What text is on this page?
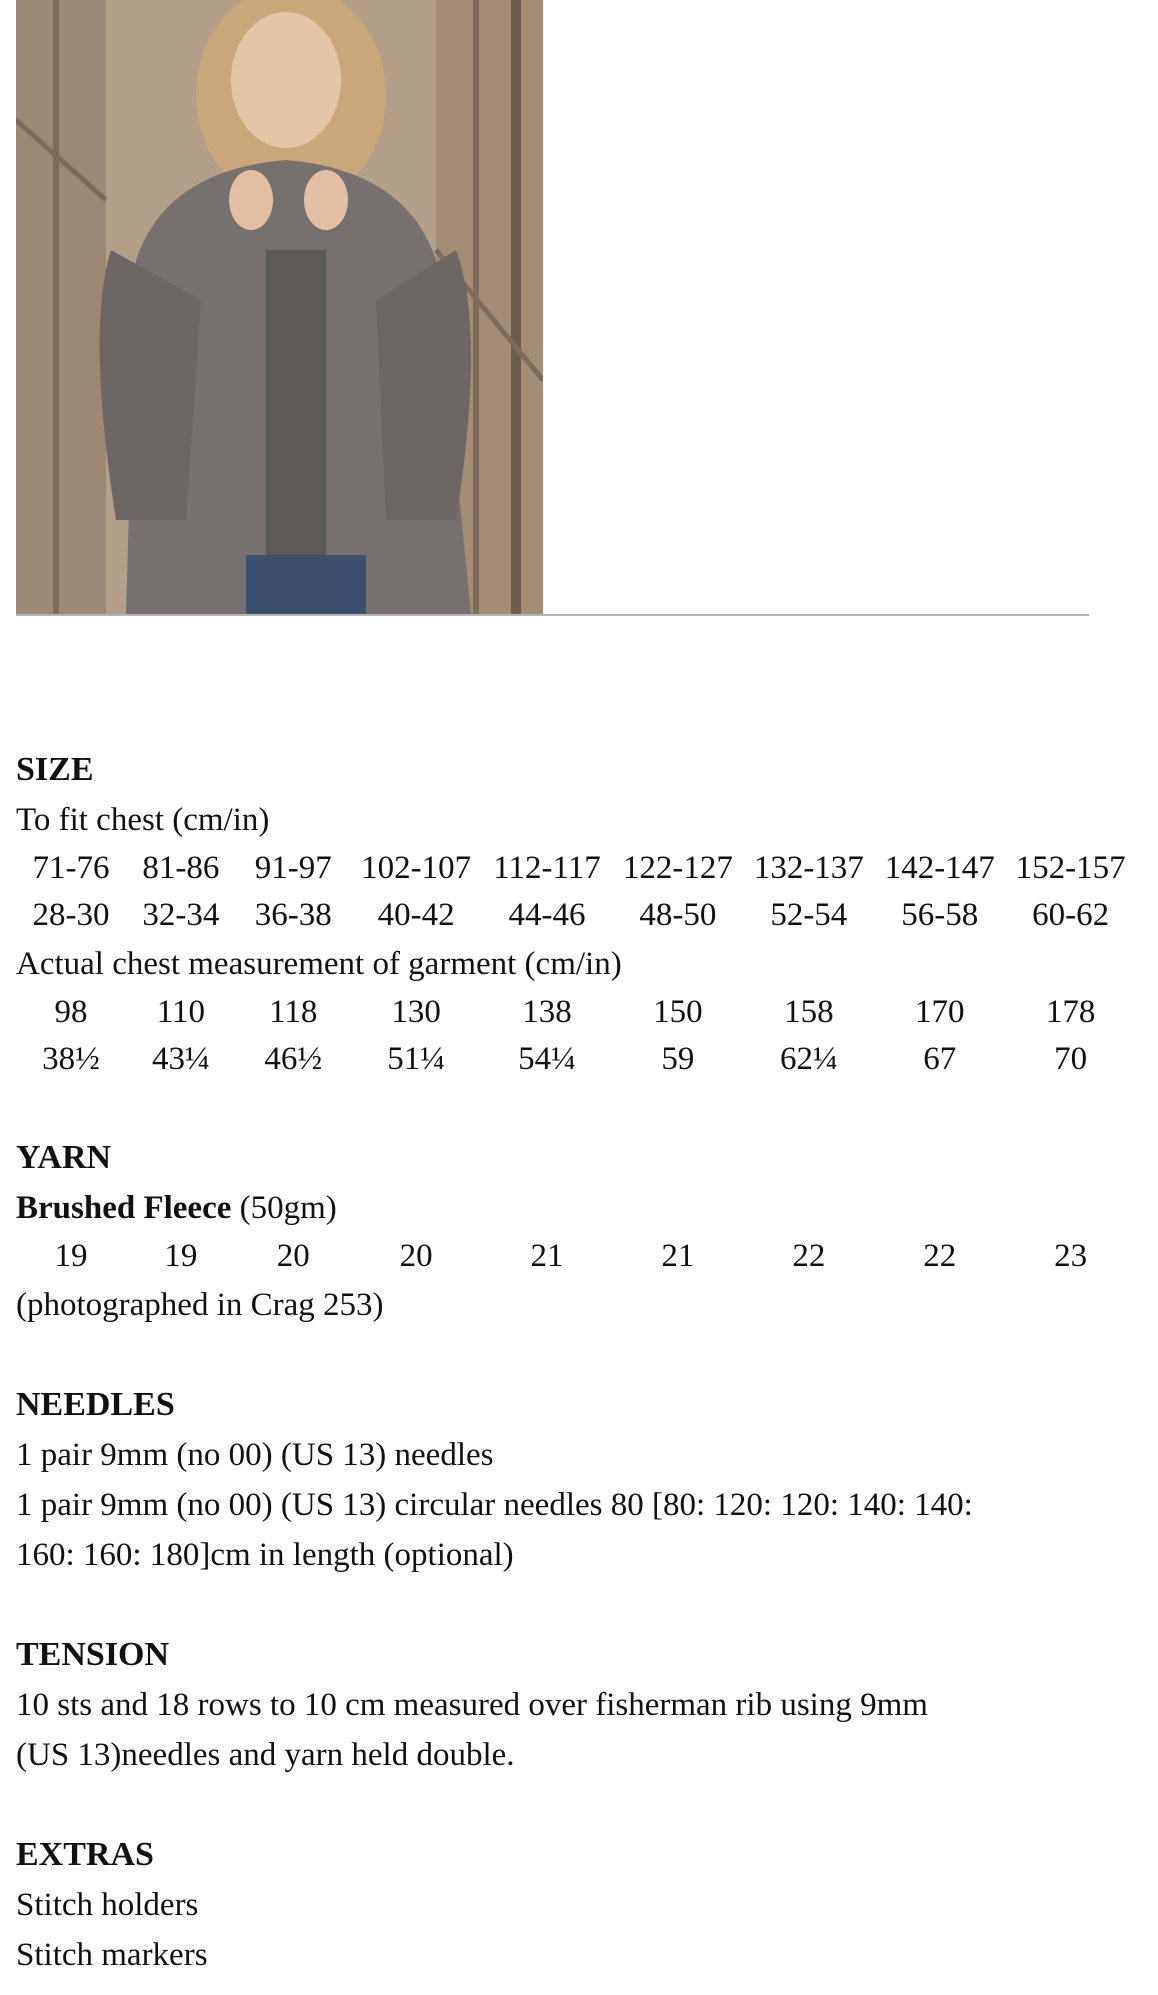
SIZE
To fit chest (cm/in)
71-76 81-86	91-97 102-107 112-117 122-127 132-137 142-147 152-157
28-30 32-34	36-38	40-42	44-46	48-50	52-54	56-58	60-62
Actual chest measurement of garment (cm/in)
98	110	118	130	138	150	158	170	178
38½	43¼	46½	51¼	54¼	59	62¼	67	70
YARN
Brushed Fleece (50gm)
19	19	20	20	21	21	22	22	23
(photographed in Crag 253)
NEEDLES
1 pair 9mm (no 00) (US 13) needles
1 pair 9mm (no 00) (US 13) circular needles 80 [80: 120: 120: 140: 140:
160: 160: 180]cm in length (optional)
TENSION
10 sts and 18 rows to 10 cm measured over fisherman rib using 9mm
(US 13)needles and yarn held double.
EXTRAS
Stitch holders
Stitch markers
